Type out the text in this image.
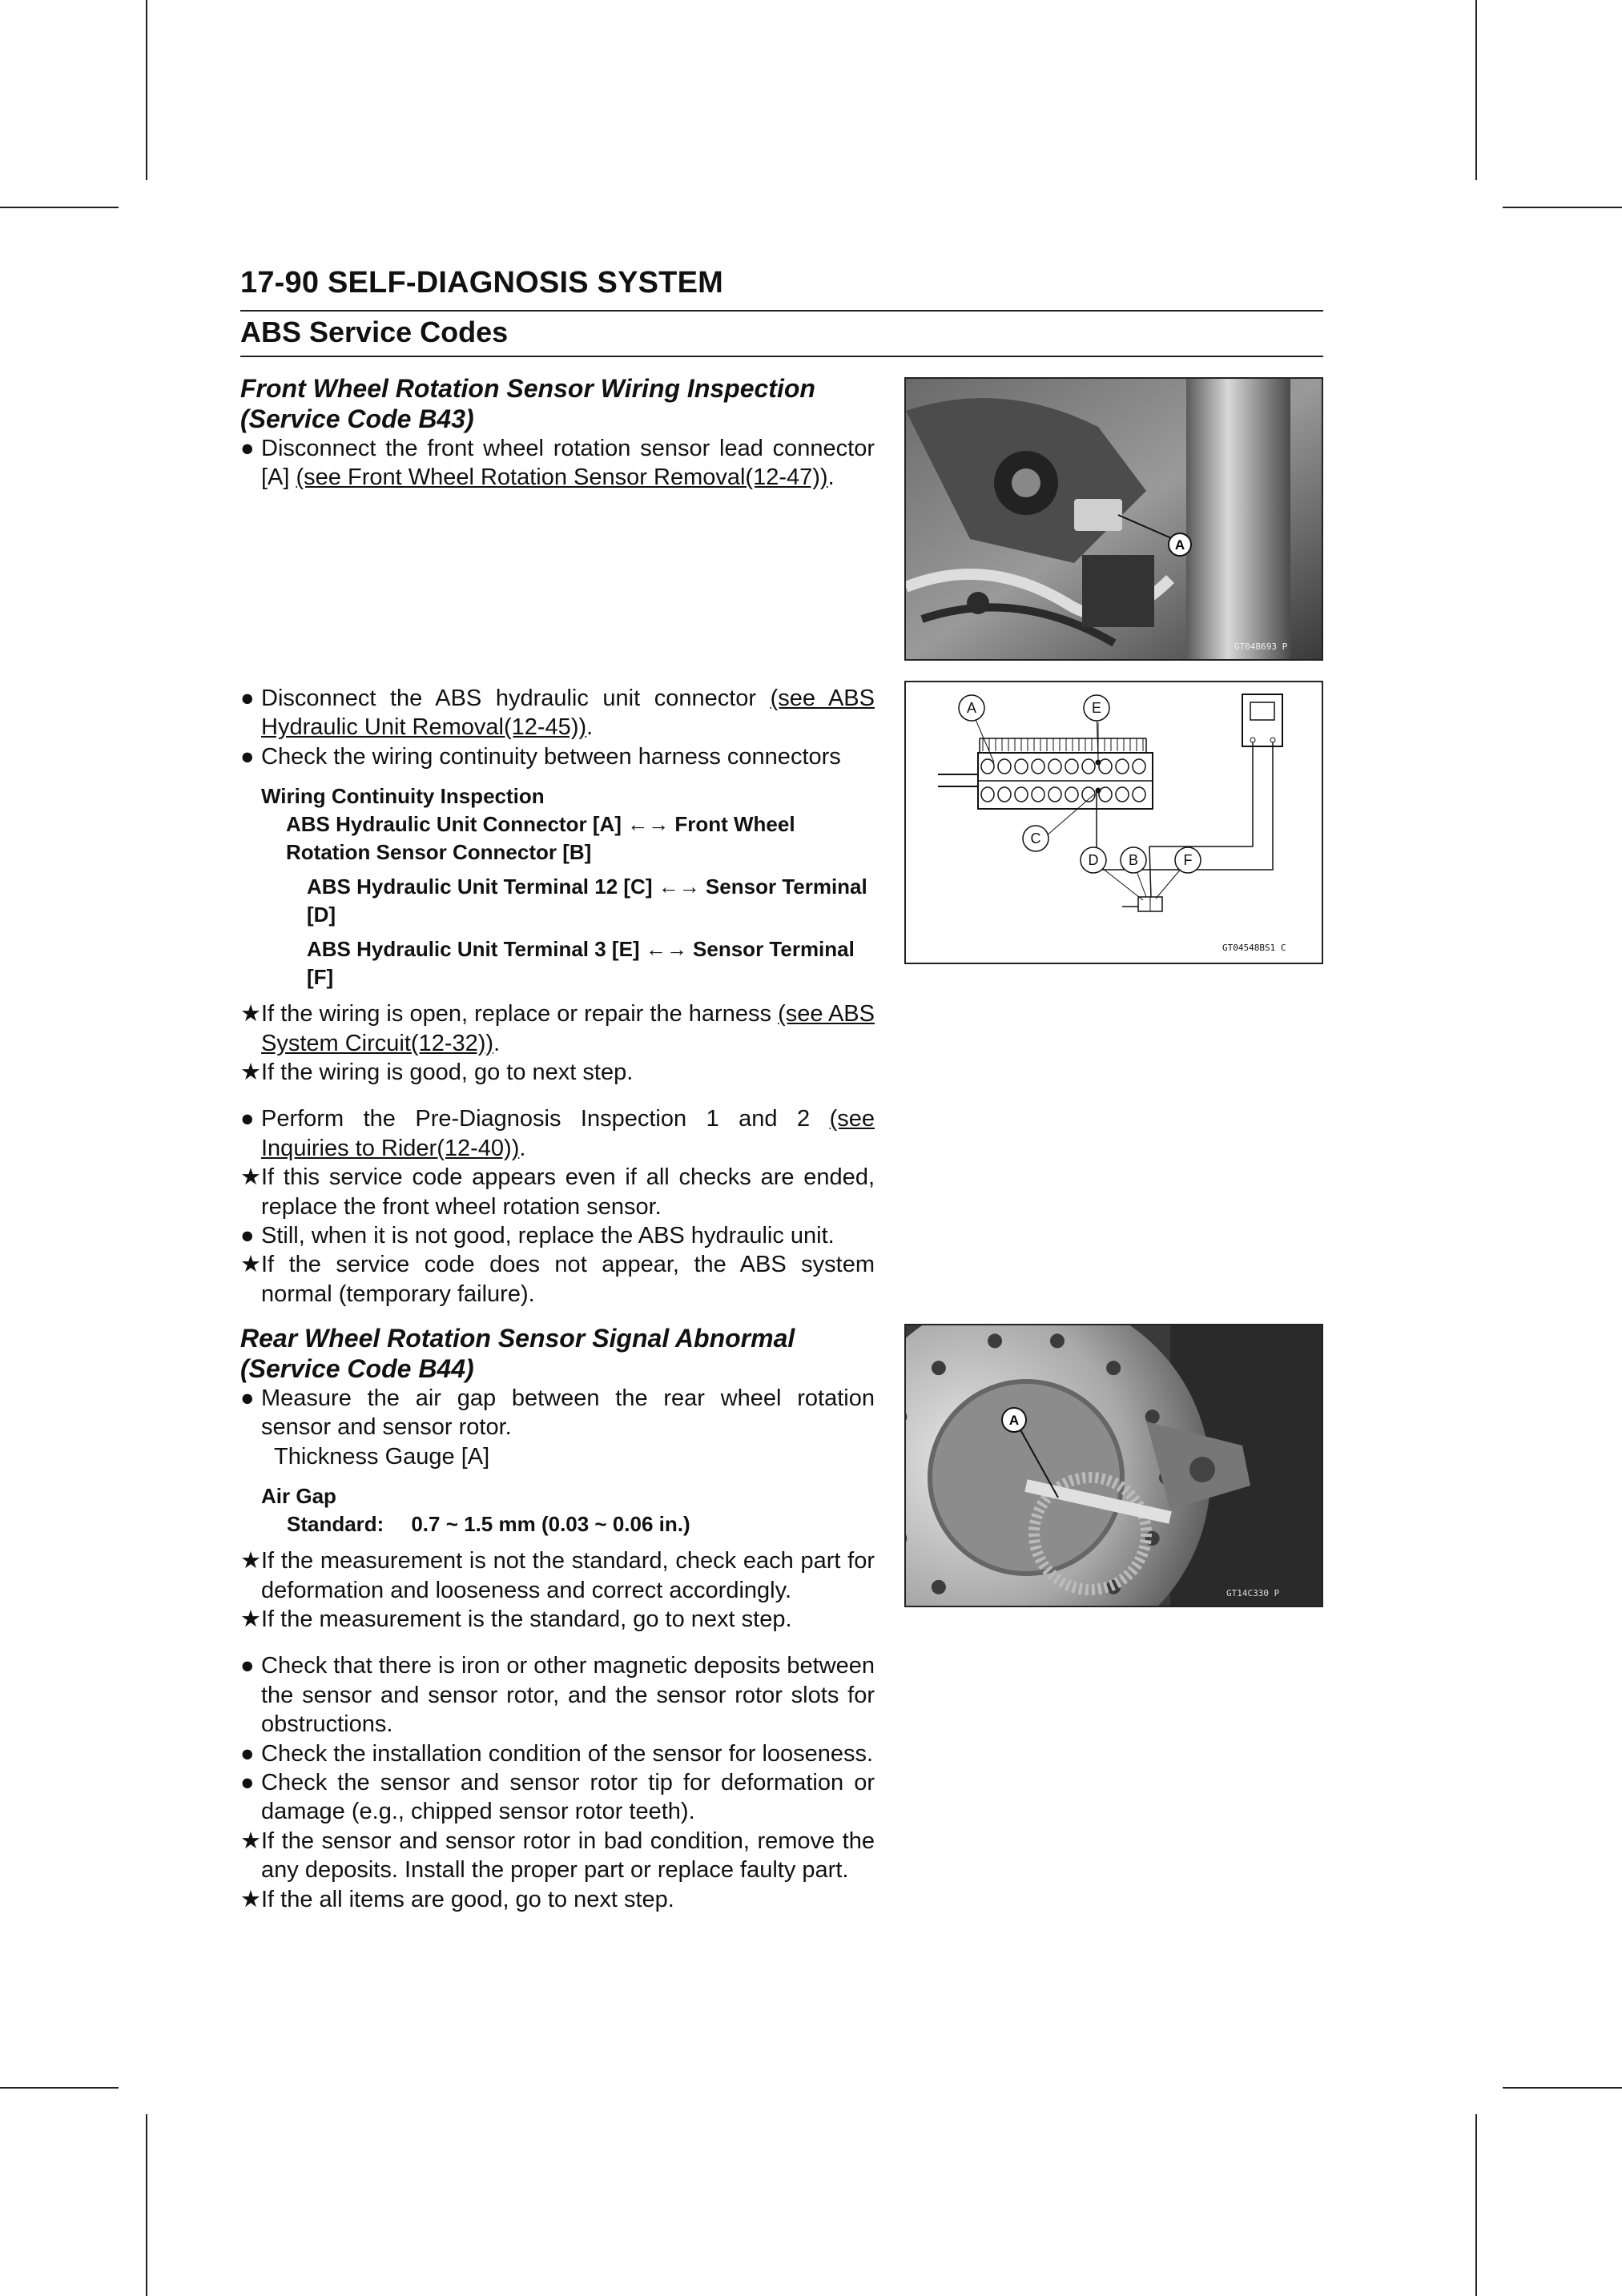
17-90 SELF-DIAGNOSIS SYSTEM
ABS Service Codes
Front Wheel Rotation Sensor Wiring Inspection
(Service Code B43)
● Disconnect the front wheel rotation sensor lead connector [A] (see Front Wheel Rotation Sensor Removal(12-47)).
● Disconnect the ABS hydraulic unit connector (see ABS Hydraulic Unit Removal(12-45)).
● Check the wiring continuity between harness connectors
Wiring Continuity Inspection
ABS Hydraulic Unit Connector [A] ←→ Front Wheel Rotation Sensor Connector [B]
ABS Hydraulic Unit Terminal 12 [C] ←→ Sensor Terminal [D]
ABS Hydraulic Unit Terminal 3 [E] ←→ Sensor Terminal [F]
★ If the wiring is open, replace or repair the harness (see ABS System Circuit(12-32)).
★ If the wiring is good, go to next step.
● Perform the Pre-Diagnosis Inspection 1 and 2 (see Inquiries to Rider(12-40)).
★ If this service code appears even if all checks are ended, replace the front wheel rotation sensor.
● Still, when it is not good, replace the ABS hydraulic unit.
★ If the service code does not appear, the ABS system normal (temporary failure).
Rear Wheel Rotation Sensor Signal Abnormal
(Service Code B44)
● Measure the air gap between the rear wheel rotation sensor and sensor rotor.
Thickness Gauge [A]
Air Gap
Standard: 0.7 ~ 1.5 mm (0.03 ~ 0.06 in.)
★ If the measurement is not the standard, check each part for deformation and looseness and correct accordingly.
★ If the measurement is the standard, go to next step.
● Check that there is iron or other magnetic deposits between the sensor and sensor rotor, and the sensor rotor slots for obstructions.
● Check the installation condition of the sensor for looseness.
● Check the sensor and sensor rotor tip for deformation or damage (e.g., chipped sensor rotor teeth).
★ If the sensor and sensor rotor in bad condition, remove the any deposits. Install the proper part or replace faulty part.
★ If the all items are good, go to next step.
A
GT04B693 P
A	E
C
D B	F
GT04548BS1 C
A
GT14C330 P
